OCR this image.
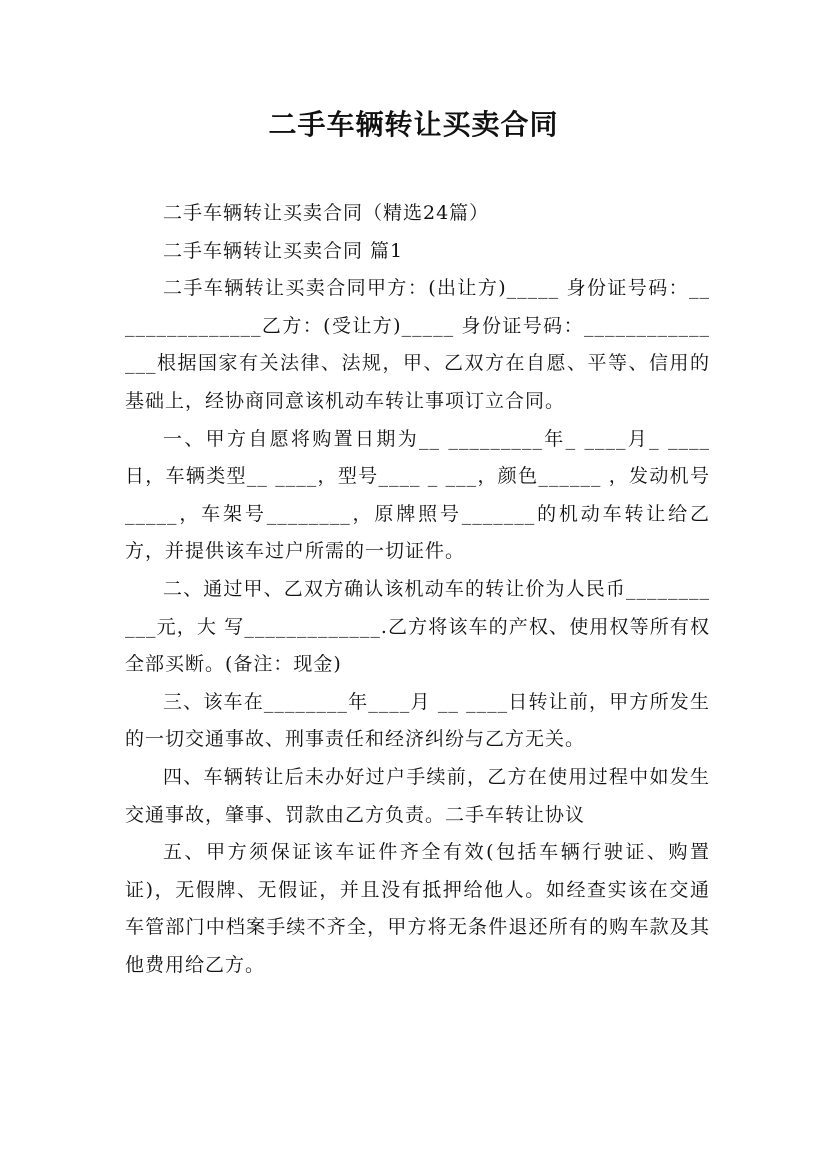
二手车辆转让买卖合同

二手车辆转让买卖合同（精选24篇）

二手车辆转让买卖合同 篇1

二手车辆转让买卖合同甲方：(出让方)_____ 身份证号码：_______________乙方：(受让方)_____ 身份证号码：_______________根据国家有关法律、法规，甲、乙双方在自愿、平等、信用的基础上，经协商同意该机动车转让事项订立合同。

一、甲方自愿将购置日期为__ _________年_ ____月_ ____日，车辆类型__ ____，型号____ _ ___，颜色______ ，发动机号_____，车架号________，原牌照号_______的机动车转让给乙方，并提供该车过户所需的一切证件。

二、通过甲、乙双方确认该机动车的转让价为人民币___________元，大 写_____________.乙方将该车的产权、使用权等所有权全部买断。(备注：现金)

三、该车在________年____月 __ ____日转让前，甲方所发生的一切交通事故、刑事责任和经济纠纷与乙方无关。

四、车辆转让后未办好过户手续前，乙方在使用过程中如发生交通事故，肇事、罚款由乙方负责。二手车转让协议

五、甲方须保证该车证件齐全有效(包括车辆行驶证、购置证)，无假牌、无假证，并且没有抵押给他人。如经查实该在交通车管部门中档案手续不齐全，甲方将无条件退还所有的购车款及其他费用给乙方。
